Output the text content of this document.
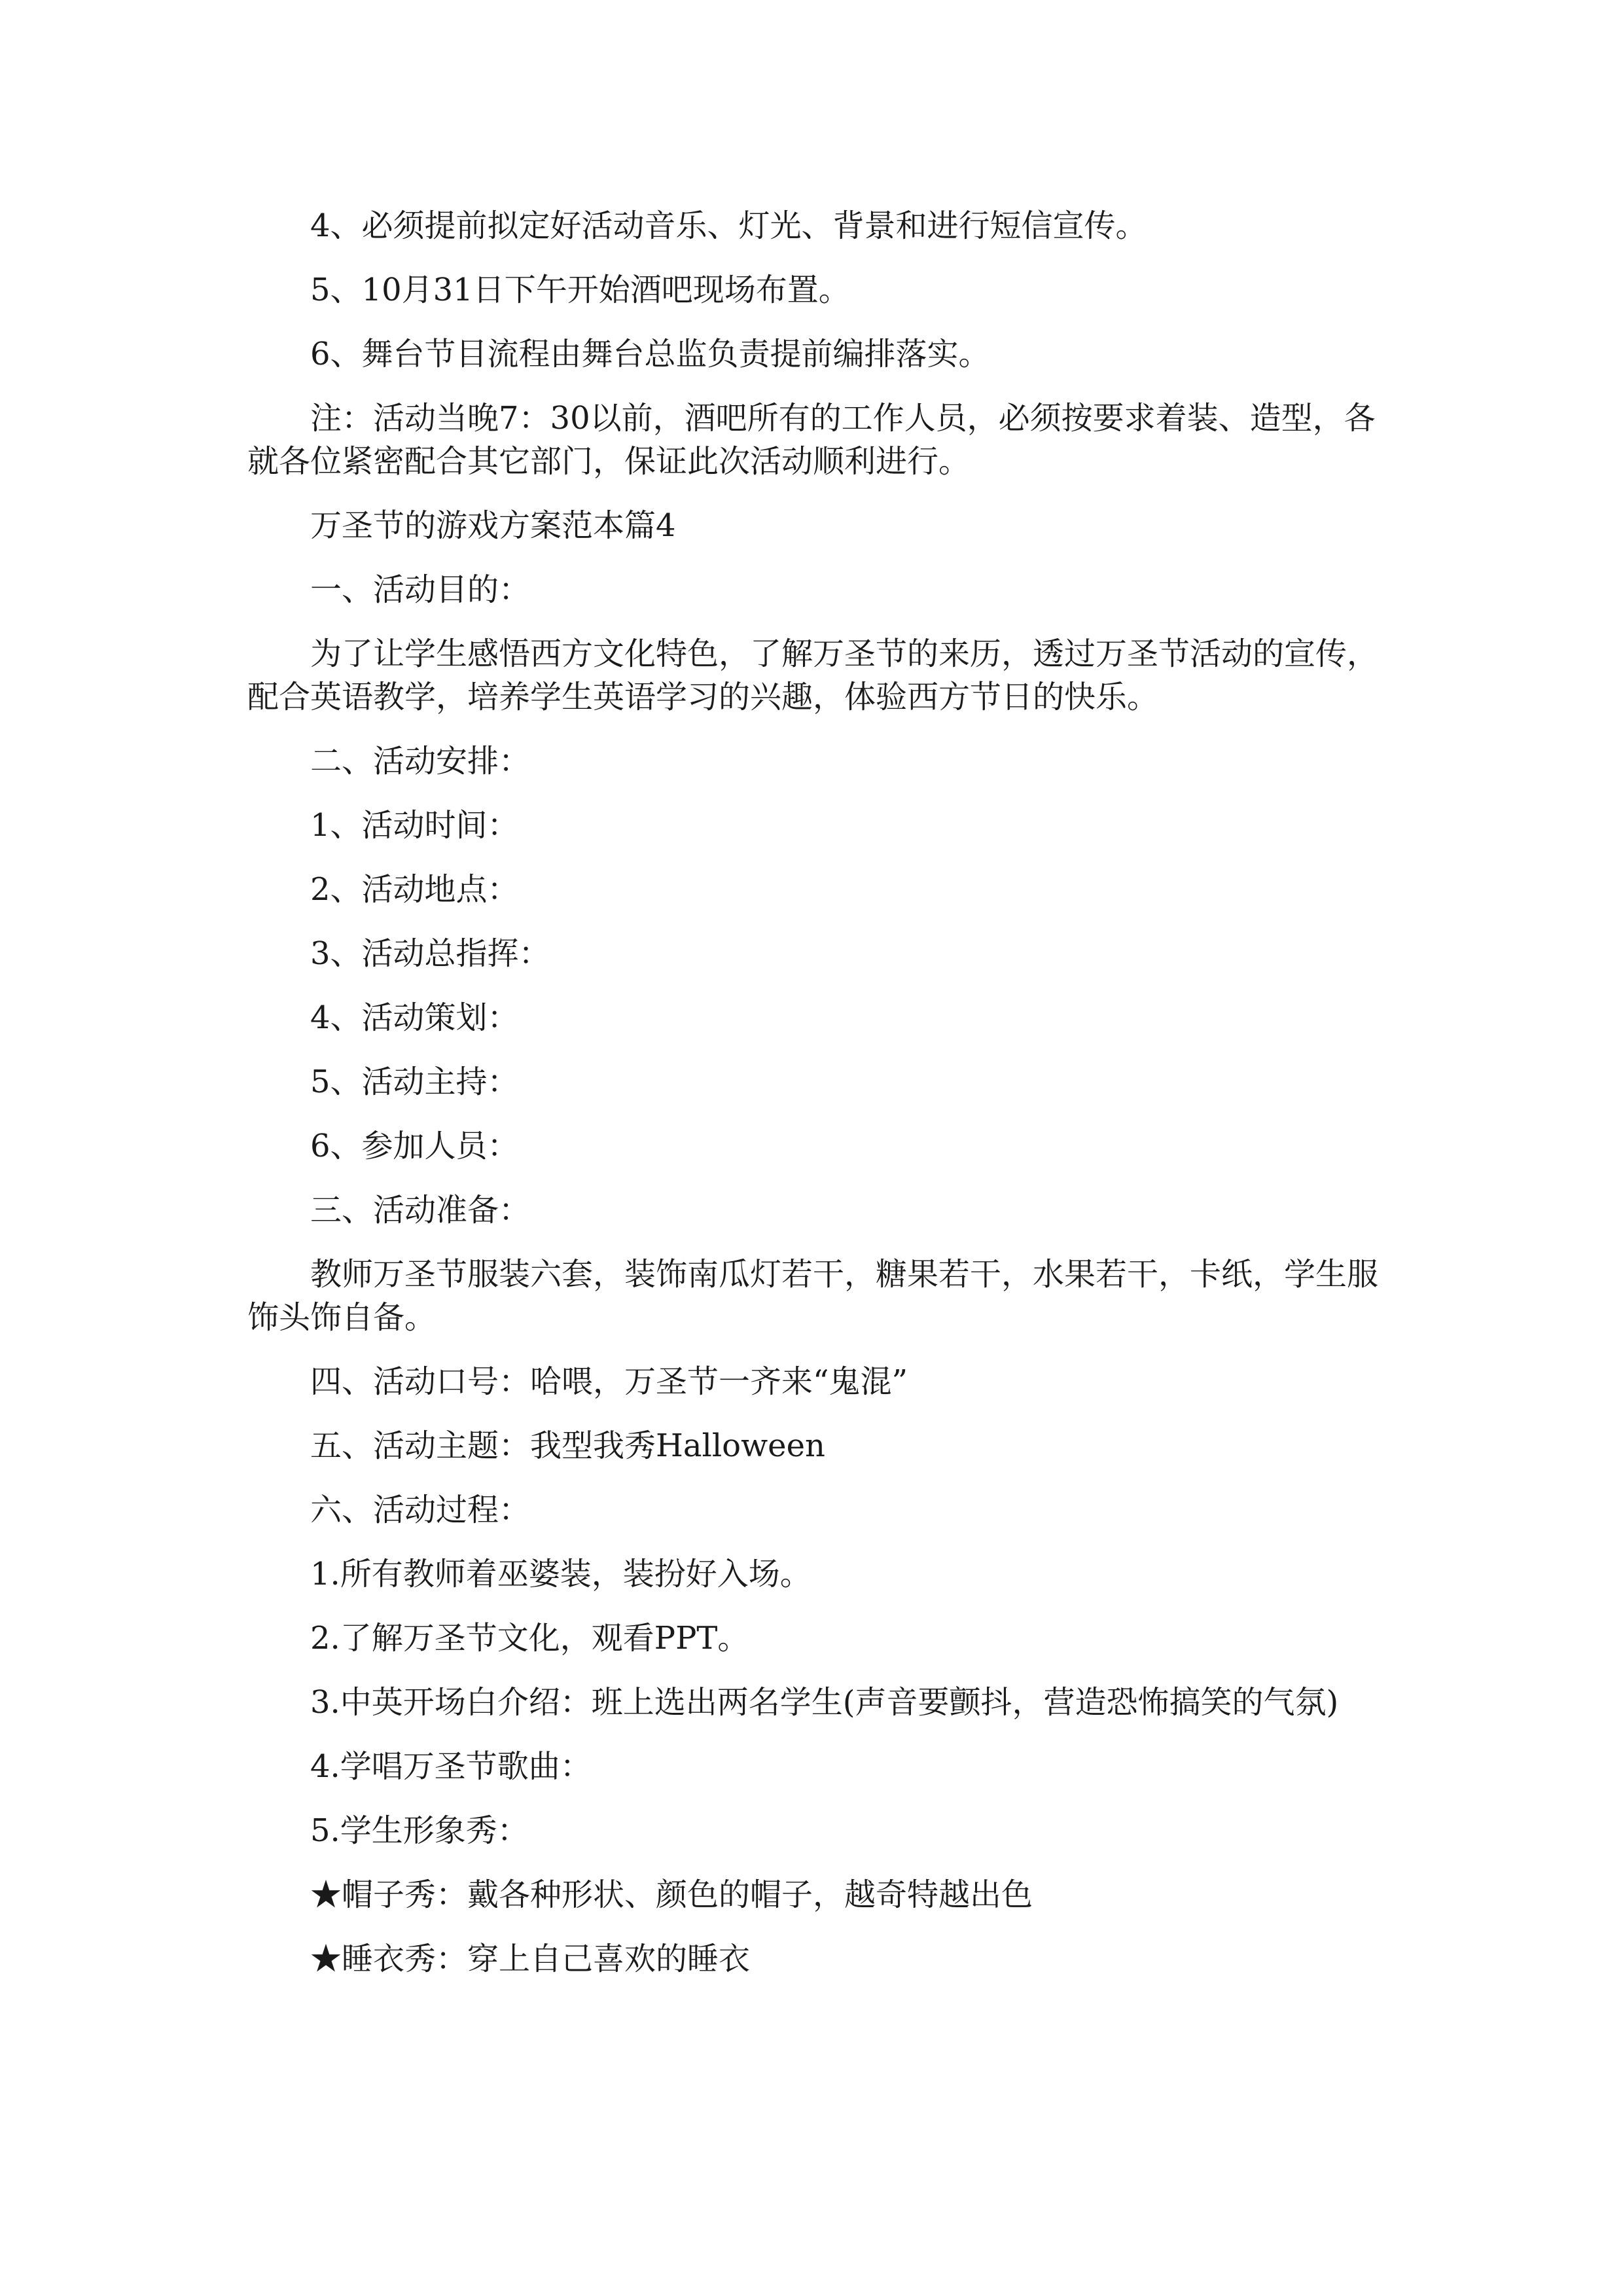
4、必须提前拟定好活动音乐、灯光、背景和进行短信宣传。

5、10月31日下午开始酒吧现场布置。

6、舞台节目流程由舞台总监负责提前编排落实。

注：活动当晚7：30以前，酒吧所有的工作人员，必须按要求着装、造型，各就各位紧密配合其它部门，保证此次活动顺利进行。

万圣节的游戏方案范本篇4

一、活动目的：

为了让学生感悟西方文化特色，了解万圣节的来历，透过万圣节活动的宣传，配合英语教学，培养学生英语学习的兴趣，体验西方节日的快乐。

二、活动安排：

1、活动时间：

2、活动地点：

3、活动总指挥：

4、活动策划：

5、活动主持：

6、参加人员：

三、活动准备：

教师万圣节服装六套，装饰南瓜灯若干，糖果若干，水果若干，卡纸，学生服饰头饰自备。

四、活动口号：哈喂，万圣节一齐来“鬼混”

五、活动主题：我型我秀Halloween

六、活动过程：

1.所有教师着巫婆装，装扮好入场。

2.了解万圣节文化，观看PPT。

3.中英开场白介绍：班上选出两名学生(声音要颤抖，营造恐怖搞笑的气氛)

4.学唱万圣节歌曲：

5.学生形象秀：

★帽子秀：戴各种形状、颜色的帽子，越奇特越出色

★睡衣秀：穿上自己喜欢的睡衣
